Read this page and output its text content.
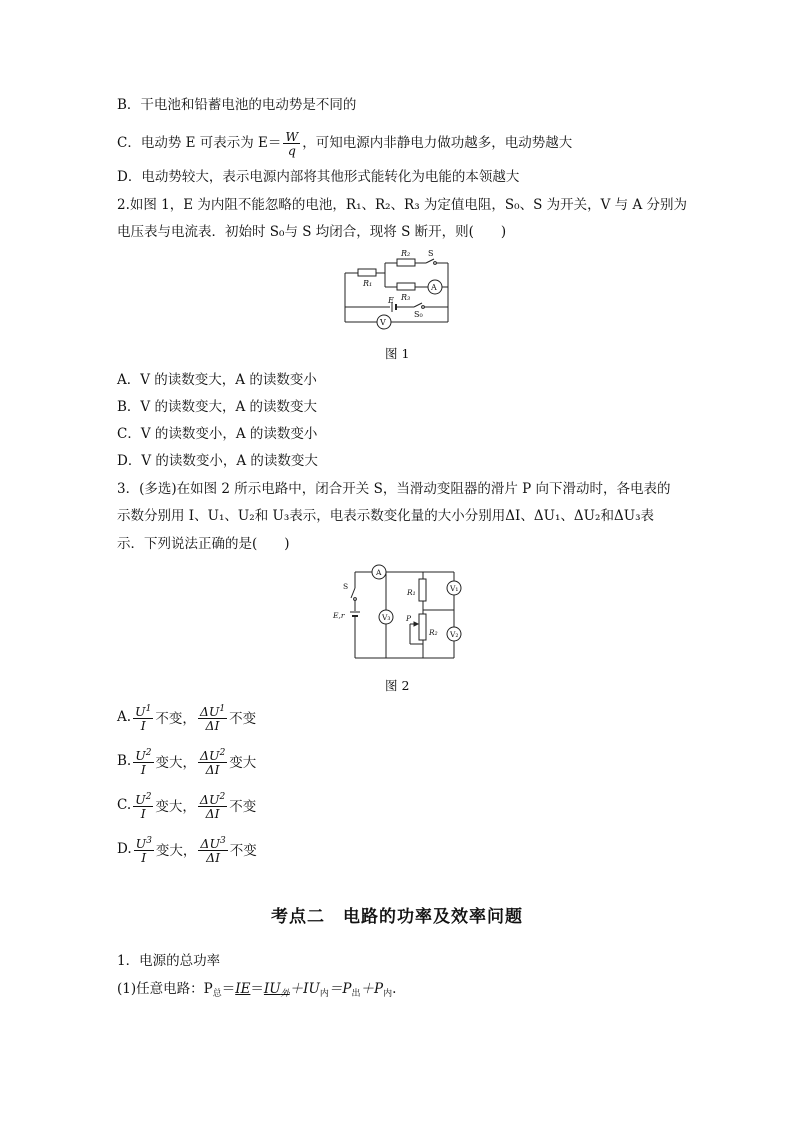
B．干电池和铅蓄电池的电动势是不同的
C．电动势 E 可表示为 $E= \frac{W}{q}$ ，可知电源内非静电力做功越多，电动势越大
D．电动势较大，表示电源内部将其他形式能转化为电能的本领越大
2.如图 1，E 为内阻不能忽略的电池，R₁、R₂、R₃ 为定值电阻，S₀、S 为开关，V 与 A 分别为
电压表与电流表．初始时 S₀与 S 均闭合，现将 S 断开，则(　　)
R₁
R₂
R₃
E
S
S₀
A
V
图 1
A．V 的读数变大，A 的读数变小
B．V 的读数变大，A 的读数变大
C．V 的读数变小，A 的读数变小
D．V 的读数变小，A 的读数变大
3．(多选)在如图 2 所示电路中，闭合开关 S，当滑动变阻器的滑片 P 向下滑动时，各电表的
示数分别用 I、U₁、U₂和 U₃表示，电表示数变化量的大小分别用ΔI、ΔU₁、ΔU₂和ΔU₃表
示．下列说法正确的是(　　)
S
E,r
A
V₁
V₂
V₃
R₁
R₂
P
图 2
A. $\frac{U^1}{I}$ 不变， $\frac{\Delta U^1}{\Delta I}$ 不变
B. $\frac{U^2}{I}$ 变大， $\frac{\Delta U^2}{\Delta I}$ 变大
C. $\frac{U^2}{I}$ 变大， $\frac{\Delta U^2}{\Delta I}$ 不变
D. $\frac{U^3}{I}$ 变大， $\frac{\Delta U^3}{\Delta I}$ 不变
考点二　电路的功率及效率问题
1．电源的总功率
(1)任意电路：$P_总=IE=IU_外+IU_内=P_出+P_内$.
